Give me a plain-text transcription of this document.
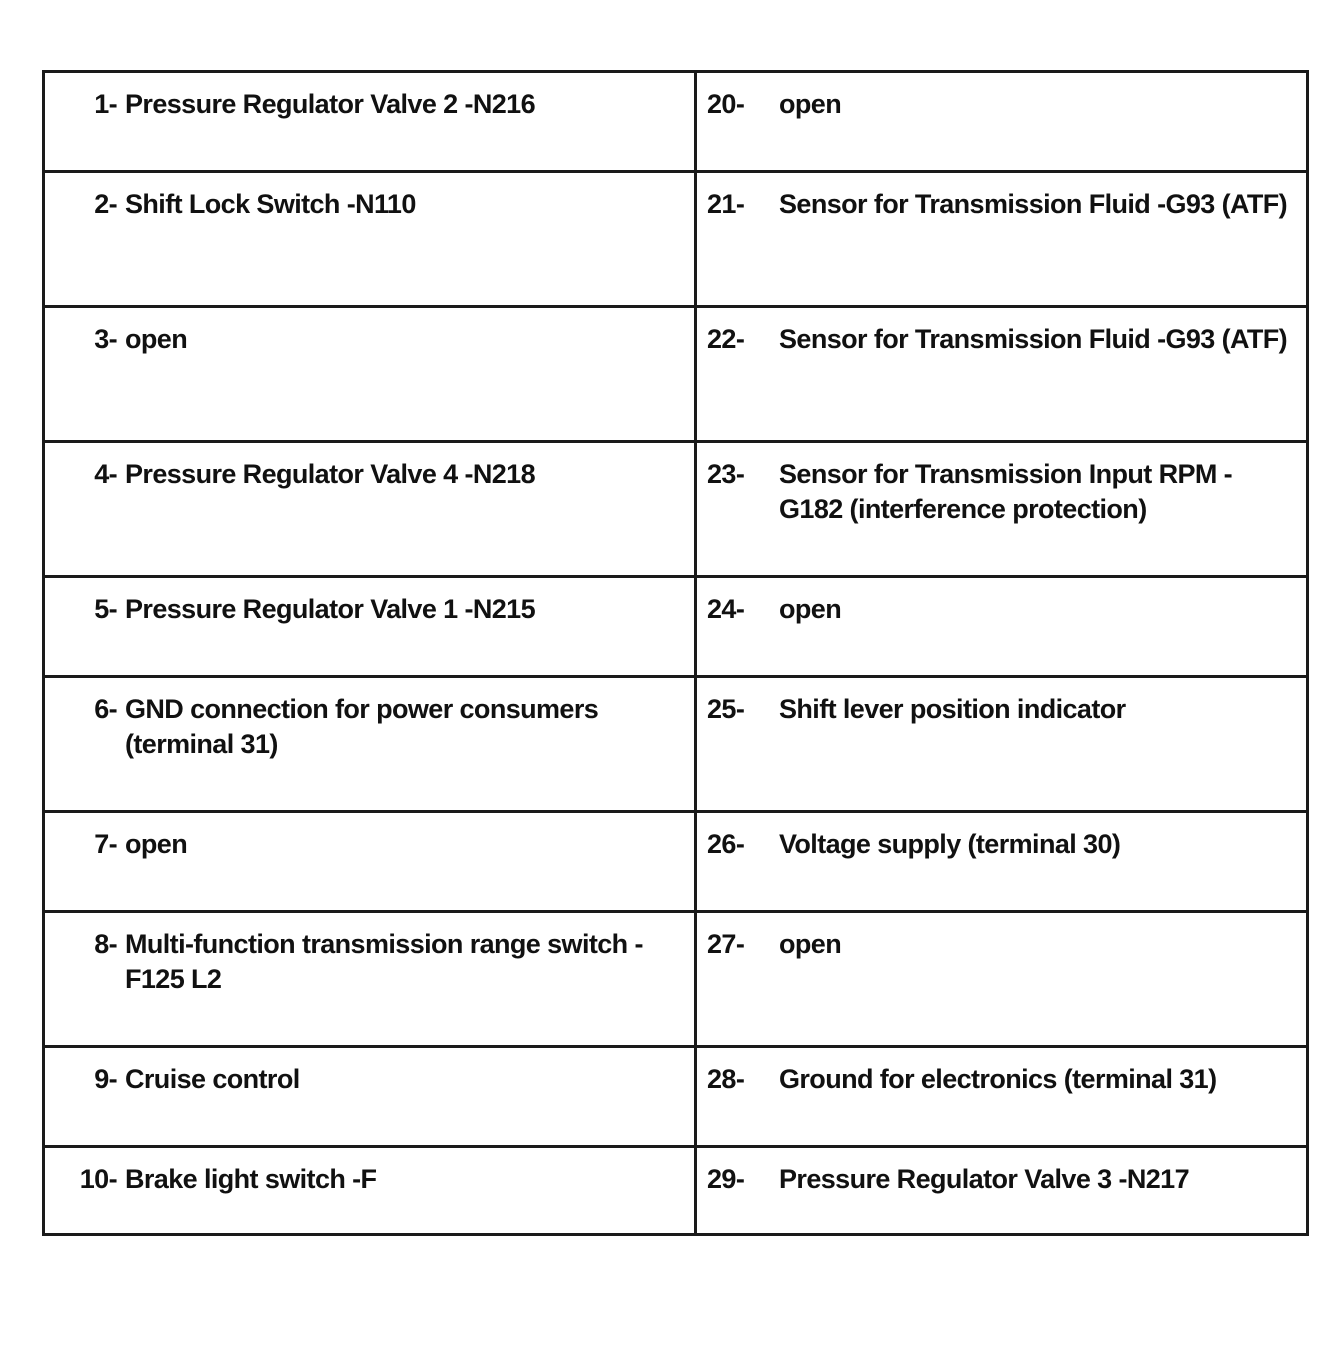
1- Pressure Regulator Valve 2 -N216	20- open

2- Shift Lock Switch -N110	21- Sensor for Transmission Fluid -G93 (ATF)

3- open	22- Sensor for Transmission Fluid -G93 (ATF)

4- Pressure Regulator Valve 4 -N218	23- Sensor for Transmission Input RPM - G182 (interference protection)

5- Pressure Regulator Valve 1 -N215	24- open

6- GND connection for power consumers (terminal 31)	25- Shift lever position indicator

7- open	26- Voltage supply (terminal 30)

8- Multi-function transmission range switch - F125 L2	27- open

9- Cruise control	28- Ground for electronics (terminal 31)

10- Brake light switch -F	29- Pressure Regulator Valve 3 -N217
